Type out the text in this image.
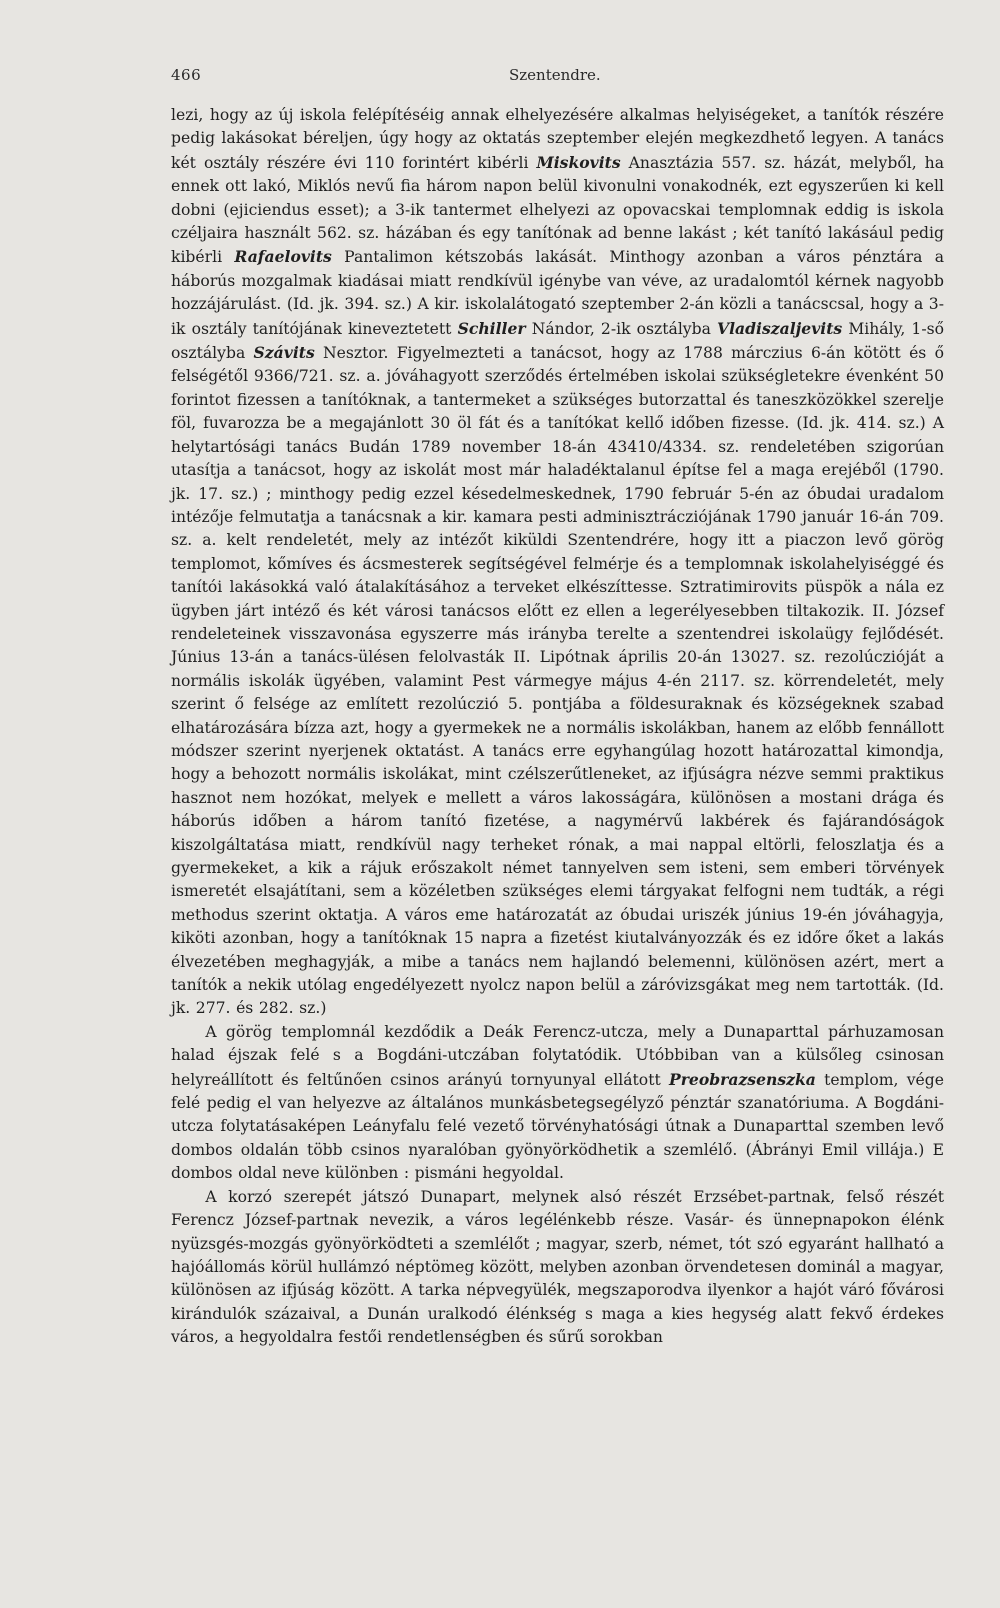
466	Szentendre.

lezi, hogy az új iskola felépítéséig annak elhelyezésére alkalmas helyiségeket, a tanítók részére pedig lakásokat béreljen, úgy hogy az oktatás szeptember elején megkezdhető legyen. A tanács két osztály részére évi 110 forintért kibérli Miskovits Anasztázia 557. sz. házát, melyből, ha ennek ott lakó, Miklós nevű fia három napon belül kivonulni vonakodnék, ezt egyszerűen ki kell dobni (ejiciendus esset); a 3-ik tantermet elhelyezi az opovacskai templomnak eddig is iskola czéljaira használt 562. sz. házában és egy tanítónak ad benne lakást ; két tanító lakásául pedig kibérli Rafaelovits Pantalimon kétszobás lakását. Minthogy azonban a város pénztára a háborús mozgalmak kiadásai miatt rendkívül igénybe van véve, az uradalomtól kérnek nagyobb hozzájárulást. (Id. jk. 394. sz.) A kir. iskolalátogató szeptember 2-án közli a tanácscsal, hogy a 3-ik osztály tanítójának kineveztetett Schiller Nándor, 2-ik osztályba Vladiszaljevits Mihály, 1-ső osztályba Szávits Nesztor. Figyelmezteti a tanácsot, hogy az 1788 márczius 6-án kötött és ő felségétől 9366/721. sz. a. jóváhagyott szerződés értelmében iskolai szükségletekre évenként 50 forintot fizessen a tanítóknak, a tantermeket a szükséges butorzattal és taneszközökkel szerelje föl, fuvarozza be a megajánlott 30 öl fát és a tanítókat kellő időben fizesse. (Id. jk. 414. sz.) A helytartósági tanács Budán 1789 november 18-án 43410/4334. sz. rendeletében szigorúan utasítja a tanácsot, hogy az iskolát most már haladéktalanul építse fel a maga erejéből (1790. jk. 17. sz.) ; minthogy pedig ezzel késedelmeskednek, 1790 február 5-én az óbudai uradalom intézője felmutatja a tanácsnak a kir. kamara pesti adminisztrácziójának 1790 január 16-án 709. sz. a. kelt rendeletét, mely az intézőt kiküldi Szentendrére, hogy itt a piaczon levő görög templomot, kőmíves és ácsmesterek segítségével felmérje és a templomnak iskolahelyiséggé és tanítói lakásokká való átalakításához a terveket elkészíttesse. Sztratimirovits püspök a nála ez ügyben járt intéző és két városi tanácsos előtt ez ellen a legerélyesebben tiltakozik. II. József rendeleteinek visszavonása egyszerre más irányba terelte a szentendrei iskolaügy fejlődését. Június 13-án a tanács-ülésen felolvasták II. Lipótnak április 20-án 13027. sz. rezolúczióját a normális iskolák ügyében, valamint Pest vármegye május 4-én 2117. sz. körrendeletét, mely szerint ő felsége az említett rezolúczió 5. pontjába a földesuraknak és községeknek szabad elhatározására bízza azt, hogy a gyermekek ne a normális iskolákban, hanem az előbb fennállott módszer szerint nyerjenek oktatást. A tanács erre egyhangúlag hozott határozattal kimondja, hogy a behozott normális iskolákat, mint czélszerűtleneket, az ifjúságra nézve semmi praktikus hasznot nem hozókat, melyek e mellett a város lakosságára, különösen a mostani drága és háborús időben a három tanító fizetése, a nagymérvű lakbérek és fajárandóságok kiszolgáltatása miatt, rendkívül nagy terheket rónak, a mai nappal eltörli, feloszlatja és a gyermekeket, a kik a rájuk erőszakolt német tannyelven sem isteni, sem emberi törvények ismeretét elsajátítani, sem a közéletben szükséges elemi tárgyakat felfogni nem tudták, a régi methodus szerint oktatja. A város eme határozatát az óbudai uriszék június 19-én jóváhagyja, kiköti azonban, hogy a tanítóknak 15 napra a fizetést kiutalványozzák és ez időre őket a lakás élvezetében meghagyják, a mibe a tanács nem hajlandó belemenni, különösen azért, mert a tanítók a nekik utólag engedélyezett nyolcz napon belül a záróvizsgákat meg nem tartották. (Id. jk. 277. és 282. sz.)

A görög templomnál kezdődik a Deák Ferencz-utcza, mely a Dunaparttal párhuzamosan halad éjszak felé s a Bogdáni-utczában folytatódik. Utóbbiban van a külsőleg csinosan helyreállított és feltűnően csinos arányú tornyunyal ellátott Preobrazsenszka templom, vége felé pedig el van helyezve az általános munkásbetegsegélyző pénztár szanatóriuma. A Bogdáni-utcza folytatásaképen Leányfalu felé vezető törvényhatósági útnak a Dunaparttal szemben levő dombos oldalán több csinos nyaralóban gyönyörködhetik a szemlélő. (Ábrányi Emil villája.) E dombos oldal neve különben : pismáni hegyoldal.

A korzó szerepét játszó Dunapart, melynek alsó részét Erzsébet-partnak, felső részét Ferencz József-partnak nevezik, a város legélénkebb része. Vasár- és ünnepnapokon élénk nyüzsgés-mozgás gyönyörködteti a szemlélőt ; magyar, szerb, német, tót szó egyaránt hallható a hajóállomás körül hullámzó néptömeg között, melyben azonban örvendetesen dominál a magyar, különösen az ifjúság között. A tarka népvegyülék, megszaporodva ilyenkor a hajót váró fővárosi kirándulók százaival, a Dunán uralkodó élénkség s maga a kies hegység alatt fekvő érdekes város, a hegyoldalra festői rendetlenségben és sűrű sorokban
